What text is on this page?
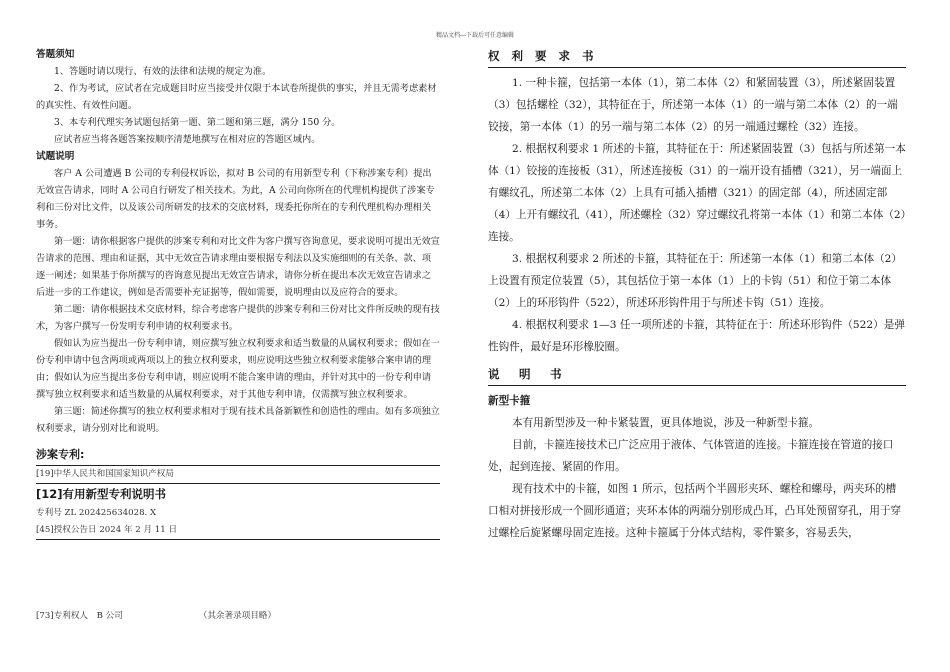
精品文档---下载后可任意编辑
答题须知

1、答题时请以现行、有效的法律和法规的规定为准。

2、作为考试，应试者在完成题目时应当接受并仅限于本试卷所提供的事实，并且无需考虑素材的真实性、有效性问题。

3、本专利代理实务试题包括第一题、第二题和第三题，满分 150 分。

应试者应当将各题答案按顺序清楚地撰写在相对应的答题区域内。

试题说明

客户 A 公司遭遇 B 公司的专利侵权诉讼，拟对 B 公司的有用新型专利（下称涉案专利）提出无效宣告请求，同时 A 公司自行研发了相关技术。为此，A 公司向你所在的代理机构提供了涉案专利和三份对比文件，以及该公司所研发的技术的交底材料，现委托你所在的专利代理机构办理相关事务。

第一题：请你根据客户提供的涉案专利和对比文件为客户撰写咨询意见，要求说明可提出无效宣告请求的范围、理由和证据，其中无效宣告请求理由要根据专利法以及实施细则的有关条、款、项逐一阐述；如果基于你所撰写的咨询意见提出无效宣告请求，请你分析在提出本次无效宣告请求之后进一步的工作建议，例如是否需要补充证据等，假如需要，说明理由以及应符合的要求。

第二题：请你根据技术交底材料，综合考虑客户提供的涉案专利和三份对比文件所反映的现有技术，为客户撰写一份发明专利申请的权利要求书。

假如认为应当提出一份专利申请，则应撰写独立权利要求和适当数量的从属权利要求；假如在一份专利申请中包含两项或两项以上的独立权利要求，则应说明这些独立权利要求能够合案申请的理由；假如认为应当提出多份专利申请，则应说明不能合案申请的理由，并针对其中的一份专利申请撰写独立权利要求和适当数量的从属权利要求，对于其他专利申请，仅需撰写独立权利要求。

第三题：简述你撰写的独立权利要求相对于现有技术具备新颖性和创造性的理由。如有多项独立权利要求，请分别对比和说明。

涉案专利:
[19]中华人民共和国国家知识产权局
[12]有用新型专利说明书
专利号 ZL 202425634028. X
[45]授权公告日 2024 年 2 月 11 日
[73]专利权人　B 公司	（其余著录项目略）
权 利 要 求 书

1. 一种卡箍，包括第一本体（1），第二本体（2）和紧固装置（3），所述紧固装置（3）包括螺栓（32），其特征在于，所述第一本体（1）的一端与第二本体（2）的一端铰接，第一本体（1）的另一端与第二本体（2）的另一端通过螺栓（32）连接。

2. 根据权利要求 1 所述的卡箍，其特征在于：所述紧固装置（3）包括与所述第一本体（1）铰接的连接板（31），所述连接板（31）的一端开设有插槽（321），另一端面上有螺纹孔，所述第二本体（2）上具有可插入插槽（321）的固定部（4），所述固定部（4）上开有螺纹孔（41），所述螺栓（32）穿过螺纹孔将第一本体（1）和第二本体（2）连接。

3. 根据权利要求 2 所述的卡箍，其特征在于：所述第一本体（1）和第二本体（2）上设置有预定位装置（5），其包括位于第一本体（1）上的卡钩（51）和位于第二本体（2）上的环形钩件（522），所述环形钩件用于与所述卡钩（51）连接。

4. 根据权利要求 1—3 任一项所述的卡箍，其特征在于：所述环形钩件（522）是弹性钩件，最好是环形橡胶圈。

说　明　书
新型卡箍

本有用新型涉及一种卡紧装置，更具体地说，涉及一种新型卡箍。

目前，卡箍连接技术已广泛应用于液体、气体管道的连接。卡箍连接在管道的接口处，起到连接、紧固的作用。

现有技术中的卡箍，如图 1 所示，包括两个半圆形夹环、螺栓和螺母，两夹环的槽口相对拼接形成一个圆形通道；夹环本体的两端分别形成凸耳，凸耳处预留穿孔，用于穿过螺栓后旋紧螺母固定连接。这种卡箍属于分体式结构，零件繁多，容易丢失，
